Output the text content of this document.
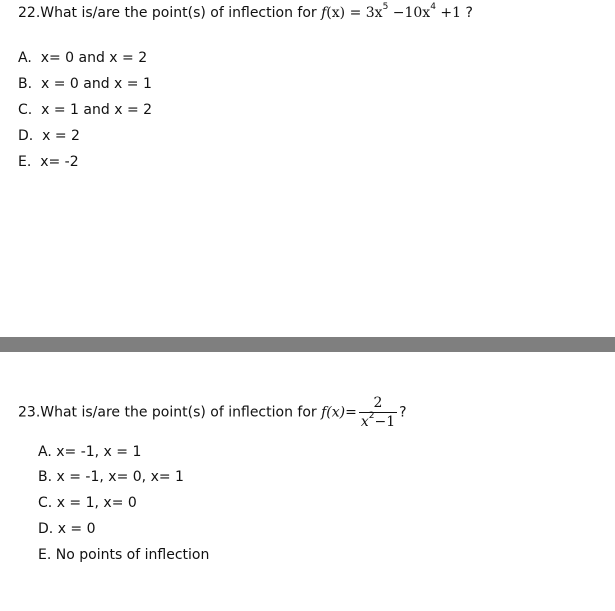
22.What is/are the point(s) of inflection for $f(x) = 3x^5 -10x^4 +1$ ?
A. x= 0 and x = 2
B. x = 0 and x = 1
C. x = 1 and x = 2
D. x = 2
E. x= -2
23.What is/are the point(s) of inflection for $f(x)= \frac{2}{x^2-1}$ ?
A. x= -1, x = 1
B. x = -1, x= 0, x= 1
C. x = 1, x= 0
D. x = 0
E. No points of inflection
